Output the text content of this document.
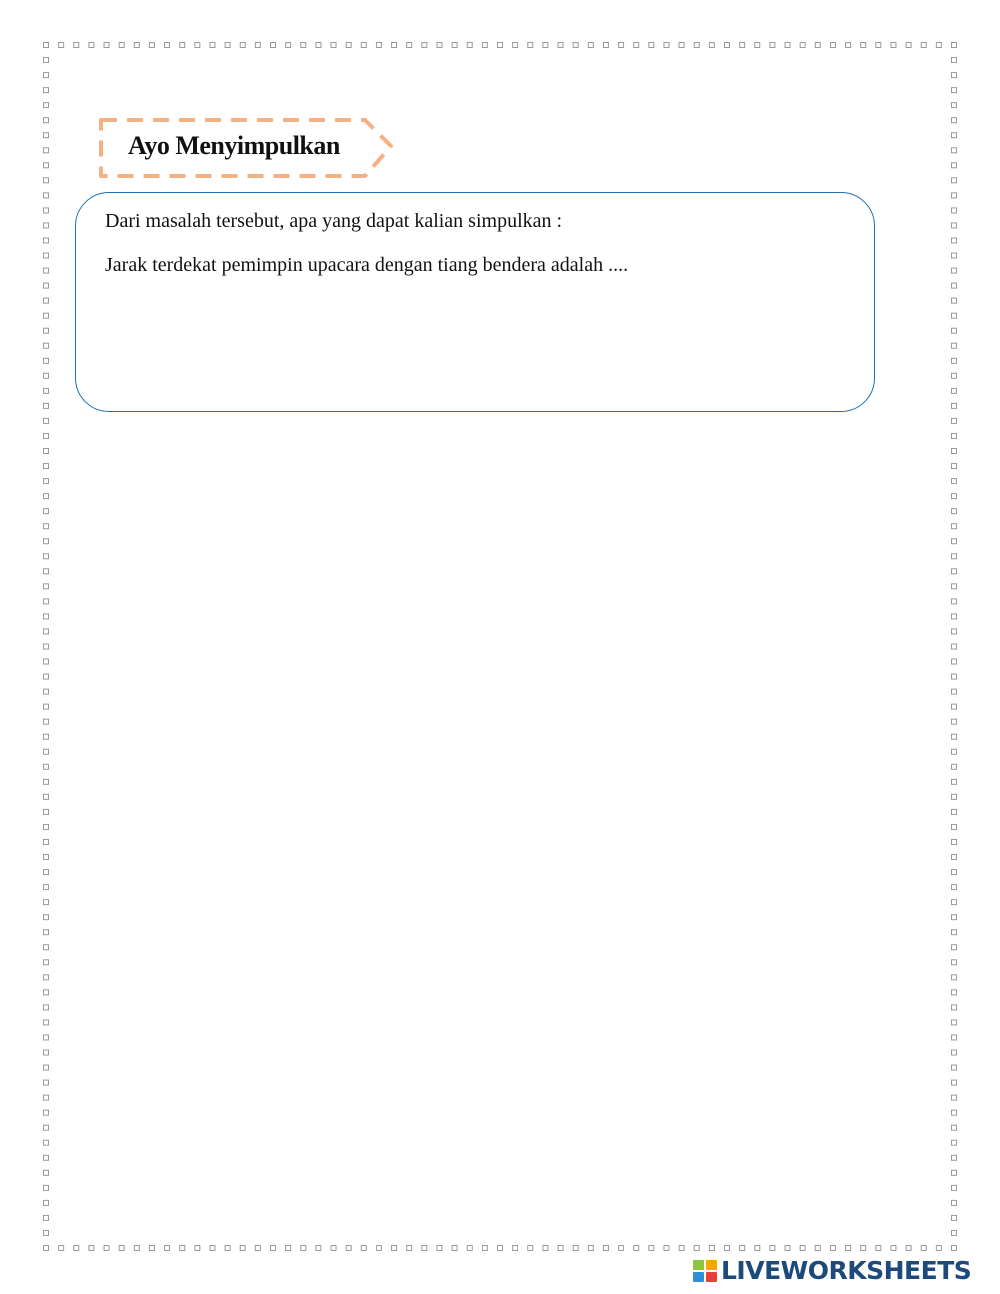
Ayo Menyimpulkan
Dari masalah tersebut, apa yang dapat kalian simpulkan :
Jarak terdekat pemimpin upacara dengan tiang bendera adalah ....
LIVEWORKSHEETS
